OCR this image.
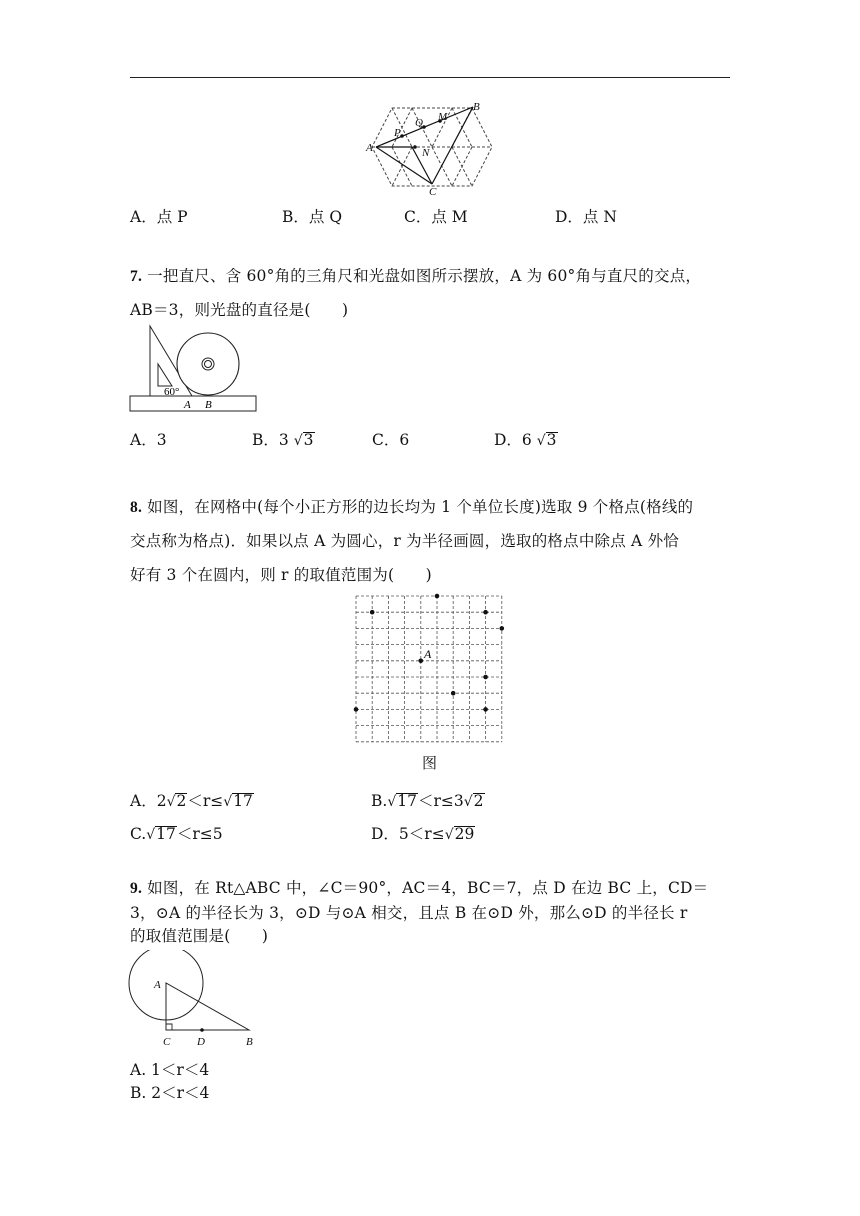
A
B
C
P
Q M
N
A．点 P	B．点 Q	C．点 M	D．点 N
7. 一把直尺、含 60°角的三角尺和光盘如图所示摆放，A 为 60°角与直尺的交点，
AB＝3，则光盘的直径是(　　)
60°
A B
A．3	B．3 √3	C．6	D．6 √3
8. 如图，在网格中(每个小正方形的边长均为 1 个单位长度)选取 9 个格点(格线的
交点称为格点)．如果以点 A 为圆心，r 为半径画圆，选取的格点中除点 A 外恰
好有 3 个在圆内，则 r 的取值范围为(　　)
A
图
A．2√2＜r≤√17	B.√17＜r≤3√2
C.√17＜r≤5	D．5＜r≤√29
9. 如图，在 Rt△ABC 中，∠C＝90°，AC＝4，BC＝7，点 D 在边 BC 上，CD＝
3，⊙A 的半径长为 3，⊙D 与⊙A 相交，且点 B 在⊙D 外，那么⊙D 的半径长 r
的取值范围是(　　)
A
B
C D
A. 1＜r＜4
B. 2＜r＜4
